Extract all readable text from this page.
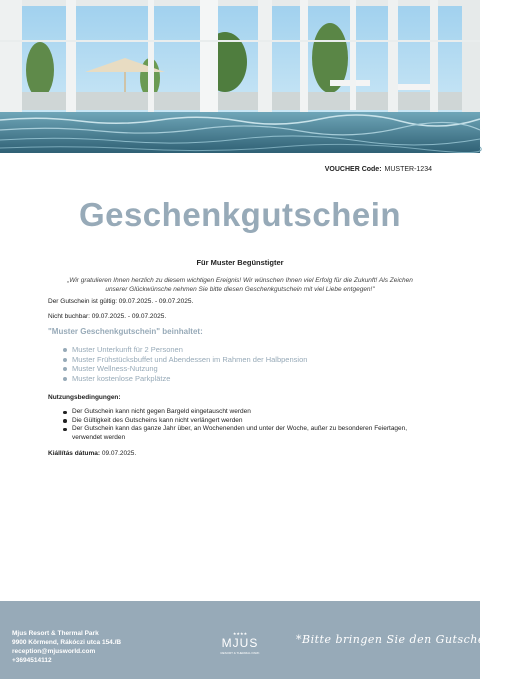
VOUCHER Code: MUSTER-1234
Geschenkgutschein
Für Muster Begünstigter
„Wir gratulieren Ihnen herzlich zu diesem wichtigen Ereignis! Wir wünschen Ihnen viel Erfolg für die Zukunft! Als Zeichen unserer Glückwünsche nehmen Sie bitte diesen Geschenkgutschein mit viel Liebe entgegen!"
Der Gutschein ist gültig: 09.07.2025. - 09.07.2025.
Nicht buchbar: 09.07.2025. - 09.07.2025.
"Muster Geschenkgutschein" beinhaltet:
Muster Unterkunft für 2 Personen
Muster Frühstücksbuffet und Abendessen im Rahmen der Halbpension
Muster Wellness-Nutzung
Muster kostenlose Parkplätze
Nutzungsbedingungen:
Der Gutschein kann nicht gegen Bargeld eingetauscht werden
Die Gültigkeit des Gutscheins kann nicht verlängert werden
Der Gutschein kann das ganze Jahr über, an Wochenenden und unter der Woche, außer zu besonderen Feiertagen, verwendet werden
Kiállítás dátuma: 09.07.2025.
Mjus Resort & Thermal Park
9900 Körmend, Rákóczi utca 154./B
reception@mjusworld.com
+3694514112
★★★★
MJUS
RESORT & THERMAL PARK
*Bitte bringen Sie den Gutschein mit
